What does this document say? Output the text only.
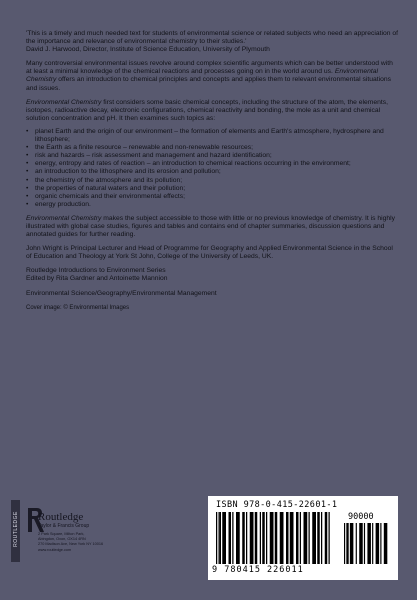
'This is a timely and much needed text for students of environmental science or related subjects who need an appreciation of the importance and relevance of environmental chemistry to their studies.'

David J. Harwood, Director, Institute of Science Education, University of Plymouth

Many controversial environmental issues revolve around complex scientific arguments which can be better understood with at least a minimal knowledge of the chemical reactions and processes going on in the world around us. Environmental Chemistry offers an introduction to chemical principles and concepts and applies them to relevant environmental situations and issues.

Environmental Chemistry first considers some basic chemical concepts, including the structure of the atom, the elements, isotopes, radioactive decay, electronic configurations, chemical reactivity and bonding, the mole as a unit and chemical solution concentration and pH. It then examines such topics as:

• planet Earth and the origin of our environment – the formation of elements and Earth's atmosphere, hydrosphere and lithosphere;
• the Earth as a finite resource – renewable and non-renewable resources;
• risk and hazards – risk assessment and management and hazard identification;
• energy, entropy and rates of reaction – an introduction to chemical reactions occurring in the environment;
• an introduction to the lithosphere and its erosion and pollution;
• the chemistry of the atmosphere and its pollution;
• the properties of natural waters and their pollution;
• organic chemicals and their environmental effects;
• energy production.

Environmental Chemistry makes the subject accessible to those with little or no previous knowledge of chemistry. It is highly illustrated with global case studies, figures and tables and contains end of chapter summaries, discussion questions and annotated guides for further reading.

John Wright is Principal Lecturer and Head of Programme for Geography and Applied Environmental Science in the School of Education and Theology at York St John, College of the University of Leeds, UK.

Routledge Introductions to Environment Series

Edited by Rita Gardner and Antoinette Mannion

Environmental Science/Geography/Environmental Management

Cover image: © Environmental Images

ROUTLEDGE Routledge
Taylor & Francis Group
2 Park Square, Milton Park,
Abingdon, Oxon, OX14 4RN
270 Madison Ave, New York NY 10016
www.routledge.com
ISBN 978-0-415-22601-1
90000
9 780415 226011
